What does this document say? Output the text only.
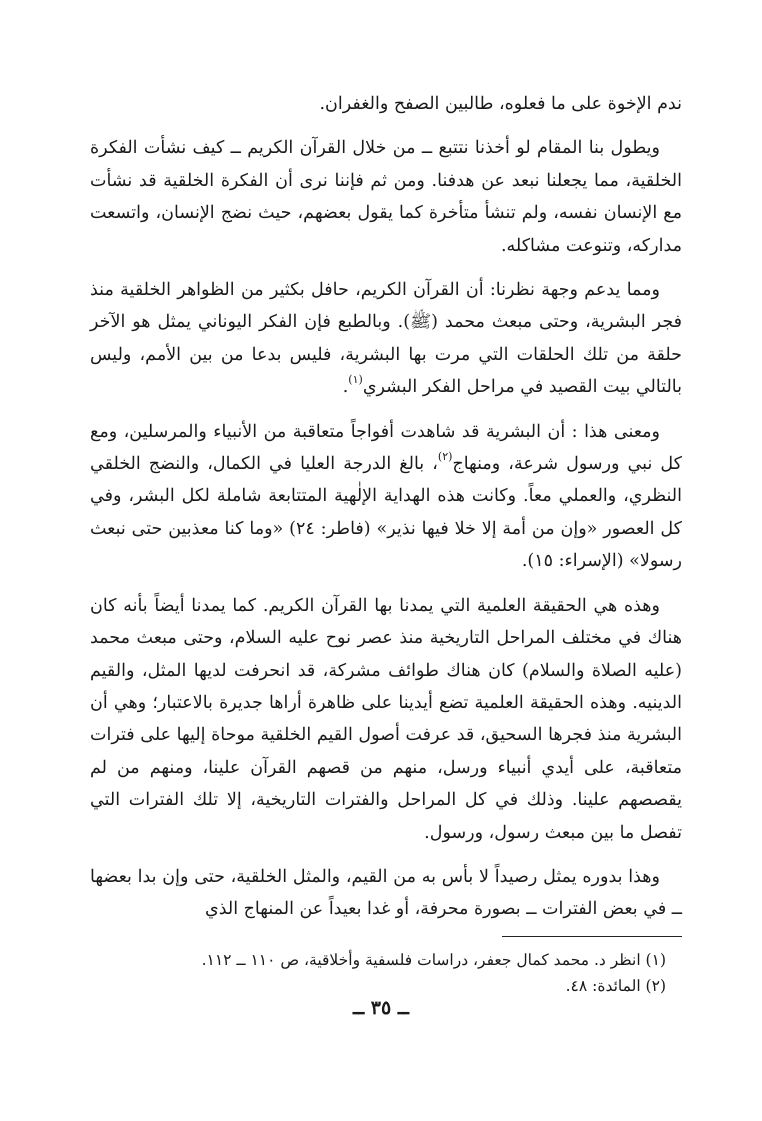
ندم الإخوة على ما فعلوه، طالبين الصفح والغفران.

ويطول بنا المقام لو أخذنا نتتبع ــ من خلال القرآن الكريم ــ كيف نشأت الفكرة الخلقية، مما يجعلنا نبعد عن هدفنا. ومن ثم فإننا نرى أن الفكرة الخلقية قد نشأت مع الإنسان نفسه، ولم تنشأ متأخرة كما يقول بعضهم، حيث نضج الإنسان، واتسعت مداركه، وتنوعت مشاكله.

ومما يدعم وجهة نظرنا: أن القرآن الكريم، حافل بكثير من الظواهر الخلقية منذ فجر البشرية، وحتى مبعث محمد (ﷺ). وبالطبع فإن الفكر اليوناني يمثل هو الآخر حلقة من تلك الحلقات التي مرت بها البشرية، فليس بدعا من بين الأمم، وليس بالتالي بيت القصيد في مراحل الفكر البشري$^{(١)}$.

ومعنى هذا : أن البشرية قد شاهدت أفواجاً متعاقبة من الأنبياء والمرسلين، ومع كل نبي ورسول شرعة، ومنهاج$^{(٢)}$، بالغ الدرجة العليا في الكمال، والنضج الخلقي النظري، والعملي معاً. وكانت هذه الهداية الإلٰهية المتتابعة شاملة لكل البشر، وفي كل العصور «وإن من أمة إلا خلا فيها نذير» (فاطر: ٢٤) «وما كنا معذبين حتى نبعث رسولا» (الإسراء: ١٥).

وهذه هي الحقيقة العلمية التي يمدنا بها القرآن الكريم. كما يمدنا أيضاً بأنه كان هناك في مختلف المراحل التاريخية منذ عصر نوح عليه السلام، وحتى مبعث محمد (عليه الصلاة والسلام) كان هناك طوائف مشركة، قد انحرفت لديها المثل، والقيم الدينيه. وهذه الحقيقة العلمية تضع أيدينا على ظاهرة أراها جديرة بالاعتبار؛ وهي أن البشرية منذ فجرها السحيق، قد عرفت أصول القيم الخلقية موحاة إليها على فترات متعاقبة، على أيدي أنبياء ورسل، منهم من قصهم القرآن علينا، ومنهم من لم يقصصهم علينا. وذلك في كل المراحل والفترات التاريخية، إلا تلك الفترات التي تفصل ما بين مبعث رسول، ورسول.

وهذا بدوره يمثل رصيداً لا بأس به من القيم، والمثل الخلقية، حتى وإن بدا بعضها ــ في بعض الفترات ــ بصورة محرفة، أو غدا بعيداً عن المنهاج الذي

(١) انظر د. محمد كمال جعفر، دراسات فلسفية وأخلاقية، ص ١١٠ ــ ١١٢.

(٢) المائدة: ٤٨.

ــ ٣٥ ــ
